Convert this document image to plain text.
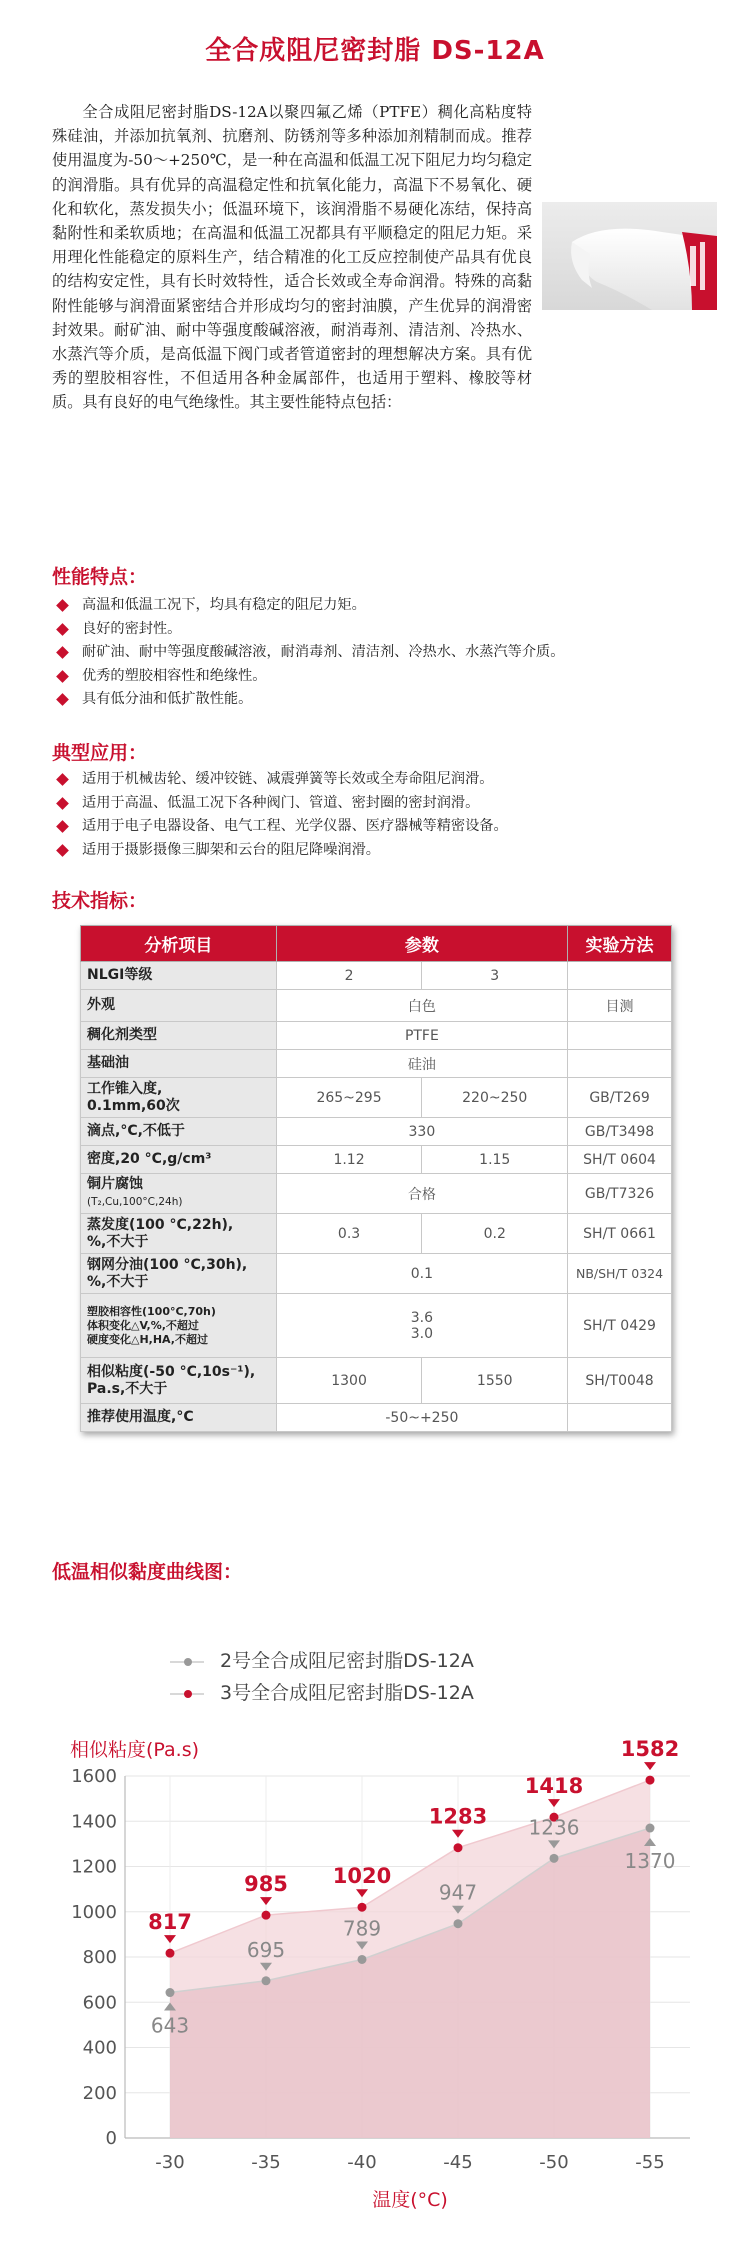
全合成阻尼密封脂 DS-12A
全合成阻尼密封脂DS-12A以聚四氟乙烯（PTFE）稠化高粘度特殊硅油，并添加抗氧剂、抗磨剂、防锈剂等多种添加剂精制而成。推荐使用温度为-50～+250℃，是一种在高温和低温工况下阻尼力均匀稳定的润滑脂。具有优异的高温稳定性和抗氧化能力，高温下不易氧化、硬化和软化，蒸发损失小；低温环境下，该润滑脂不易硬化冻结，保持高黏附性和柔软质地；在高温和低温工况都具有平顺稳定的阻尼力矩。采用理化性能稳定的原料生产，结合精准的化工反应控制使产品具有优良的结构安定性，具有长时效特性，适合长效或全寿命润滑。特殊的高黏附性能够与润滑面紧密结合并形成均匀的密封油膜，产生优异的润滑密封效果。耐矿油、耐中等强度酸碱溶液，耐消毒剂、清洁剂、冷热水、水蒸汽等介质，是高低温下阀门或者管道密封的理想解决方案。具有优秀的塑胶相容性，不但适用各种金属部件，也适用于塑料、橡胶等材质。具有良好的电气绝缘性。其主要性能特点包括：
性能特点：
高温和低温工况下，均具有稳定的阻尼力矩。
良好的密封性。
耐矿油、耐中等强度酸碱溶液，耐消毒剂、清洁剂、冷热水、水蒸汽等介质。
优秀的塑胶相容性和绝缘性。
具有低分油和低扩散性能。
典型应用：
适用于机械齿轮、缓冲铰链、减震弹簧等长效或全寿命阻尼润滑。
适用于高温、低温工况下各种阀门、管道、密封圈的密封润滑。
适用于电子电器设备、电气工程、光学仪器、医疗器械等精密设备。
适用于摄影摄像三脚架和云台的阻尼降噪润滑。
技术指标：
分析项目	参数		实验方法
NLGI等级	2	3	
外观	白色		目测
稠化剂类型	PTFE		
基础油	硅油		
工作锥入度,
0.1mm,60次	265~295	220~250	GB/T269
滴点,°C,不低于	330		GB/T3498
密度,20 °C,g/cm³	1.12	1.15	SH/T 0604
铜片腐蚀
(T₂,Cu,100°C,24h)	合格		GB/T7326
蒸发度(100 °C,22h),
%,不大于	0.3	0.2	SH/T 0661
钢网分油(100 °C,30h),
%,不大于	0.1		NB/SH/T 0324
塑胶相容性(100°C,70h)
体积变化△V,%,不超过
硬度变化△H,HA,不超过	3.6
3.0		SH/T 0429
相似粘度(-50 °C,10s⁻¹),
Pa.s,不大于	1300	1550	SH/T0048
推荐使用温度,°C	-50~+250		
低温相似黏度曲线图：
2号全合成阻尼密封脂DS-12A
3号全合成阻尼密封脂DS-12A
0
200
400
600
800
1000
1200
1400
1600
-30	-35	-40	-45	-50	-55
相似粘度(Pa.s)
温度(°C)
817
985 1020
1283
1418
1582
643
695
789
947
1236
1370
